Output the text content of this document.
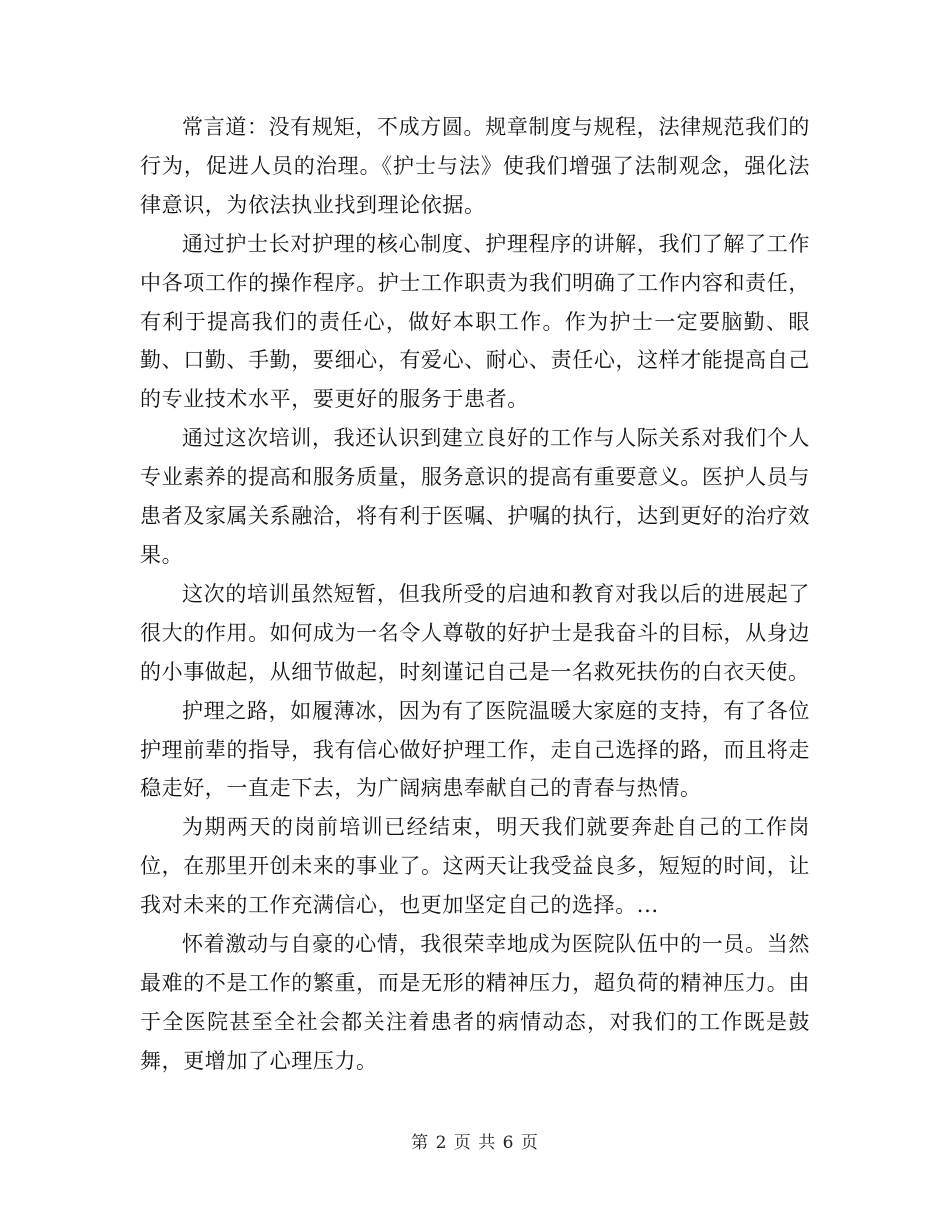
常言道：没有规矩，不成方圆。规章制度与规程，法律规范我们的行为，促进人员的治理。《护士与法》使我们增强了法制观念，强化法律意识，为依法执业找到理论依据。

通过护士长对护理的核心制度、护理程序的讲解，我们了解了工作中各项工作的操作程序。护士工作职责为我们明确了工作内容和责任，有利于提高我们的责任心，做好本职工作。作为护士一定要脑勤、眼勤、口勤、手勤，要细心，有爱心、耐心、责任心，这样才能提高自己的专业技术水平，要更好的服务于患者。

通过这次培训，我还认识到建立良好的工作与人际关系对我们个人专业素养的提高和服务质量，服务意识的提高有重要意义。医护人员与患者及家属关系融洽，将有利于医嘱、护嘱的执行，达到更好的治疗效果。

这次的培训虽然短暂，但我所受的启迪和教育对我以后的进展起了很大的作用。如何成为一名令人尊敬的好护士是我奋斗的目标，从身边的小事做起，从细节做起，时刻谨记自己是一名救死扶伤的白衣天使。

护理之路，如履薄冰，因为有了医院温暖大家庭的支持，有了各位护理前辈的指导，我有信心做好护理工作，走自己选择的路，而且将走稳走好，一直走下去，为广阔病患奉献自己的青春与热情。

为期两天的岗前培训已经结束，明天我们就要奔赴自己的工作岗位，在那里开创未来的事业了。这两天让我受益良多，短短的时间，让我对未来的工作充满信心，也更加坚定自己的选择。...

怀着激动与自豪的心情，我很荣幸地成为医院队伍中的一员。当然最难的不是工作的繁重，而是无形的精神压力，超负荷的精神压力。由于全医院甚至全社会都关注着患者的病情动态，对我们的工作既是鼓舞，更增加了心理压力。

第 2 页 共 6 页
